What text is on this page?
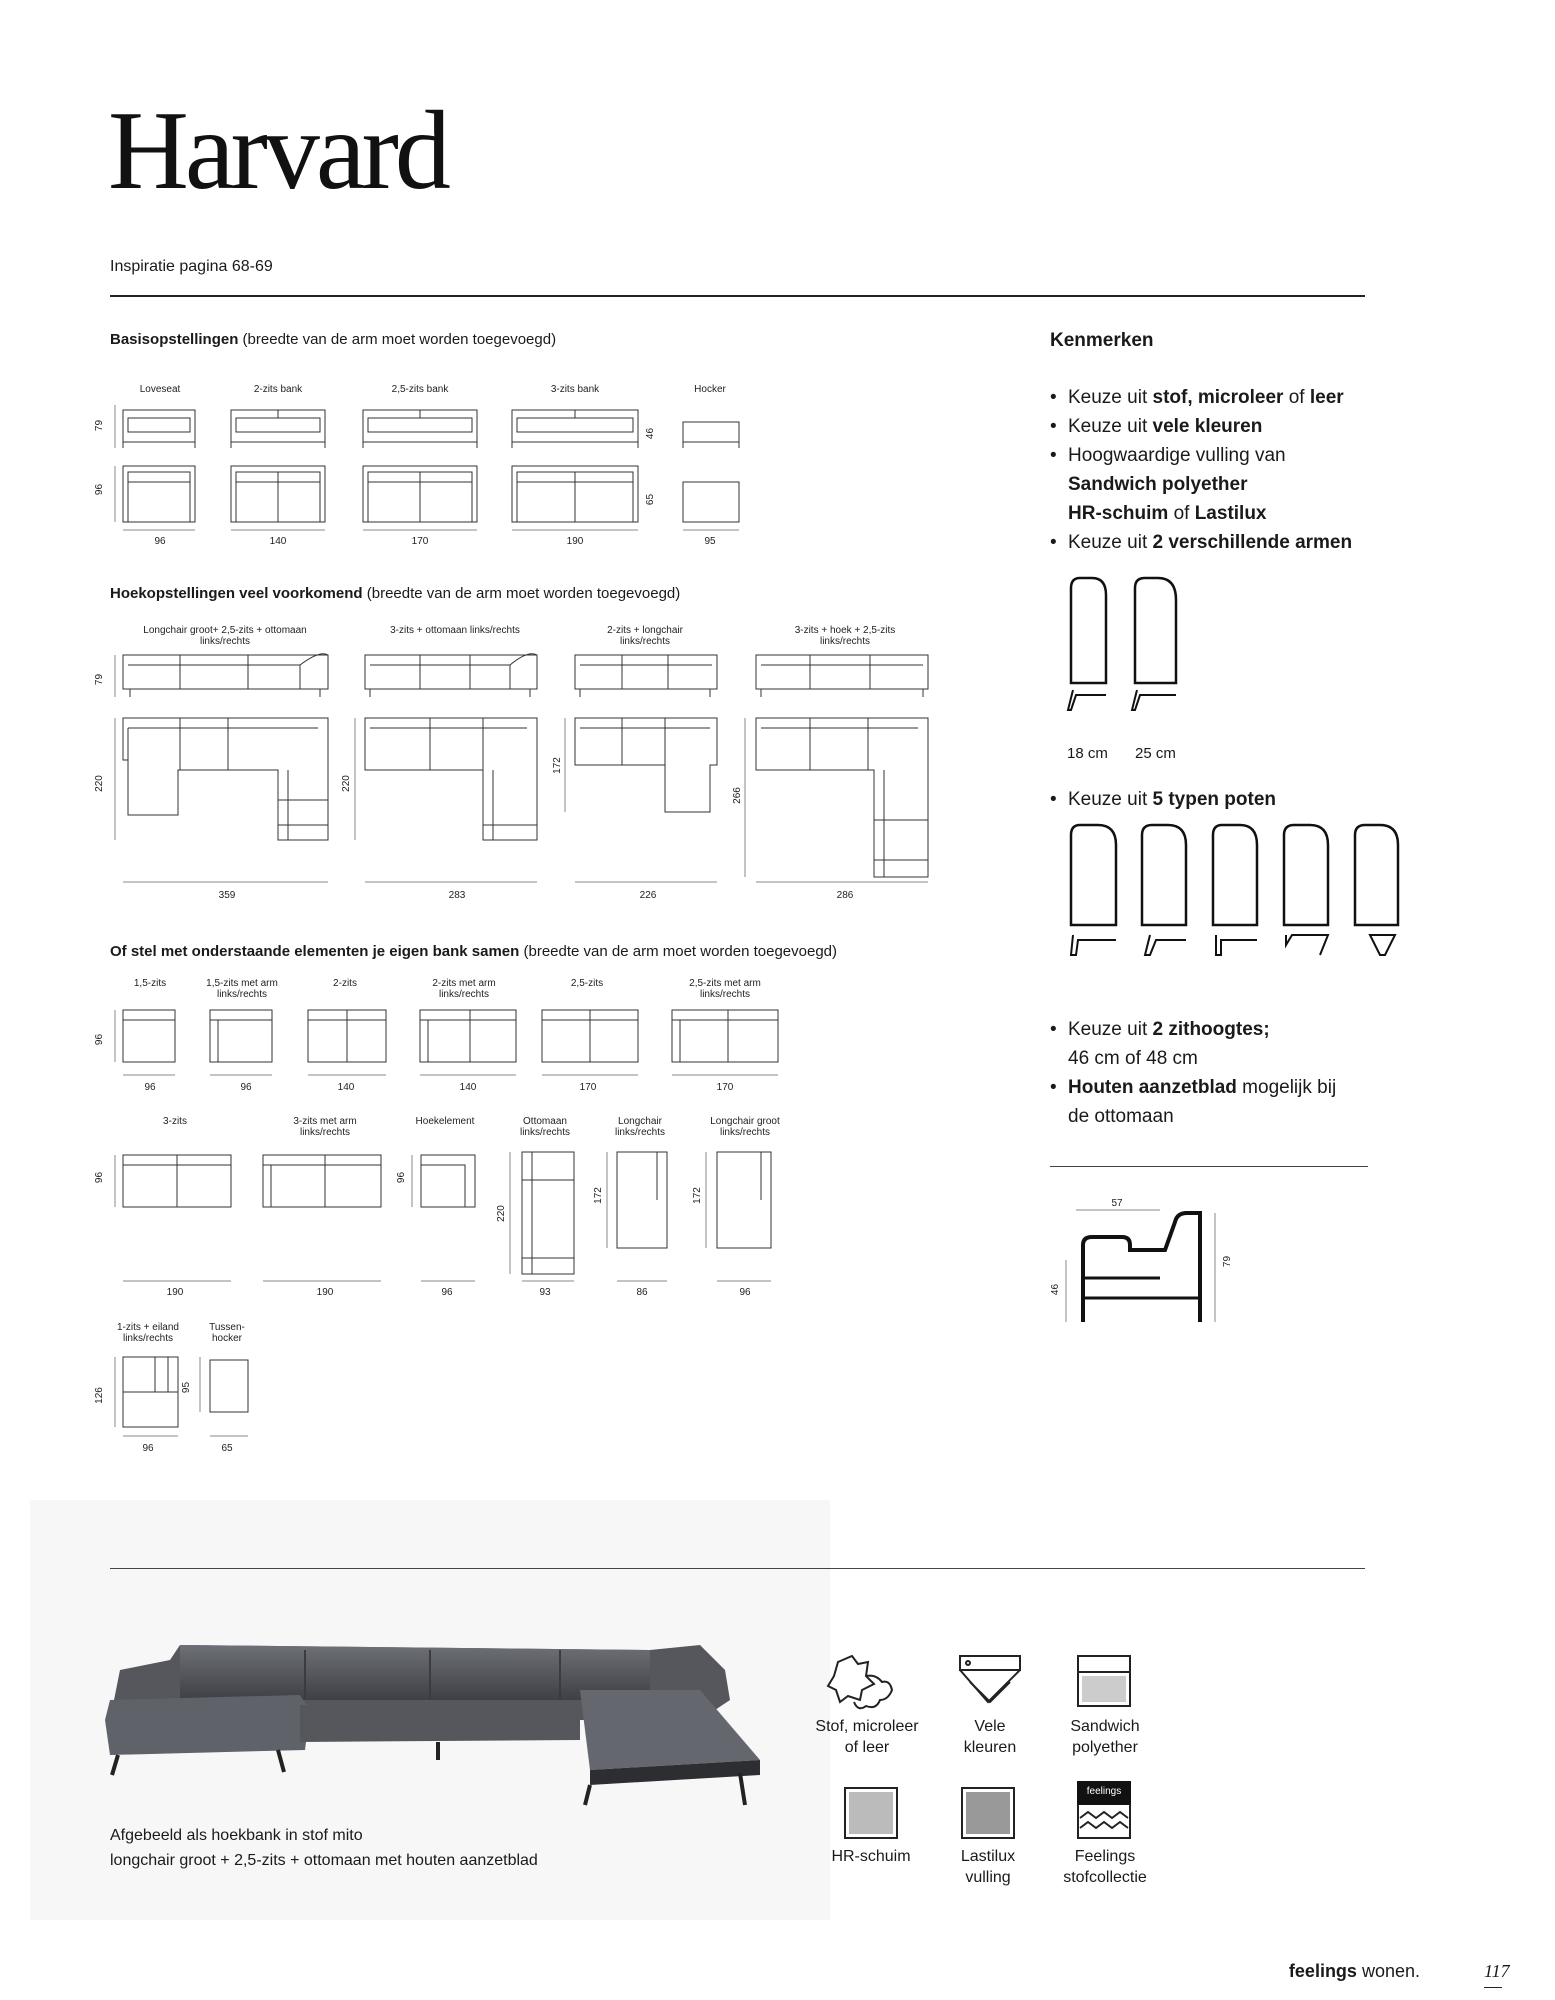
Harvard
Inspiratie pagina 68-69
Basisopstellingen (breedte van de arm moet worden toegevoegd)
Hoekopstellingen veel voorkomend (breedte van de arm moet worden toegevoegd)
Of stel met onderstaande elementen je eigen bank samen (breedte van de arm moet worden toegevoegd)
Loveseat	2-zits bank	2,5-zits bank	3-zits bank	Hocker
96	140	170	190	95
79
96
46
65
Longchair groot+ 2,5-zits + ottomaan links/rechts
3-zits + ottomaan links/rechts	2-zits + longchair links/rechts
3-zits + hoek + 2,5-zits links/rechts
359	283	226	286
79
220	220
172
266
1,5-zits	1,5-zits met arm links/rechts
2-zits	2-zits met arm links/rechts
2,5-zits	2,5-zits met arm links/rechts
96	96	140	140	170	170
96
3-zits	3-zits met arm links/rechts
Hoekelement	Ottomaan links/rechts
Longchair links/rechts
Longchair groot links/rechts
190	190	96	93	86	96
96	96
220
172	172
1-zits + eiland links/rechts
Tussen- hocker
96	65
126	95
Kenmerken
• Keuze uit stof, microleer of leer
• Keuze uit vele kleuren
• Hoogwaardige vulling van
Sandwich polyether
HR-schuim of Lastilux
• Keuze uit 2 verschillende armen
18 cm 25 cm
• Keuze uit 5 typen poten
• Keuze uit 2 zithoogtes;
46 cm of 48 cm
• Houten aanzetblad mogelijk bij
de ottomaan
57
79
46
Afgebeeld als hoekbank in stof mito
longchair groot + 2,5-zits + ottomaan met houten aanzetblad
feelings
Stof, microleer
of leer
Vele
kleuren
Sandwich
polyether
HR-schuim	Lastilux
vulling
Feelings
stofcollectie
feelings wonen.	117
